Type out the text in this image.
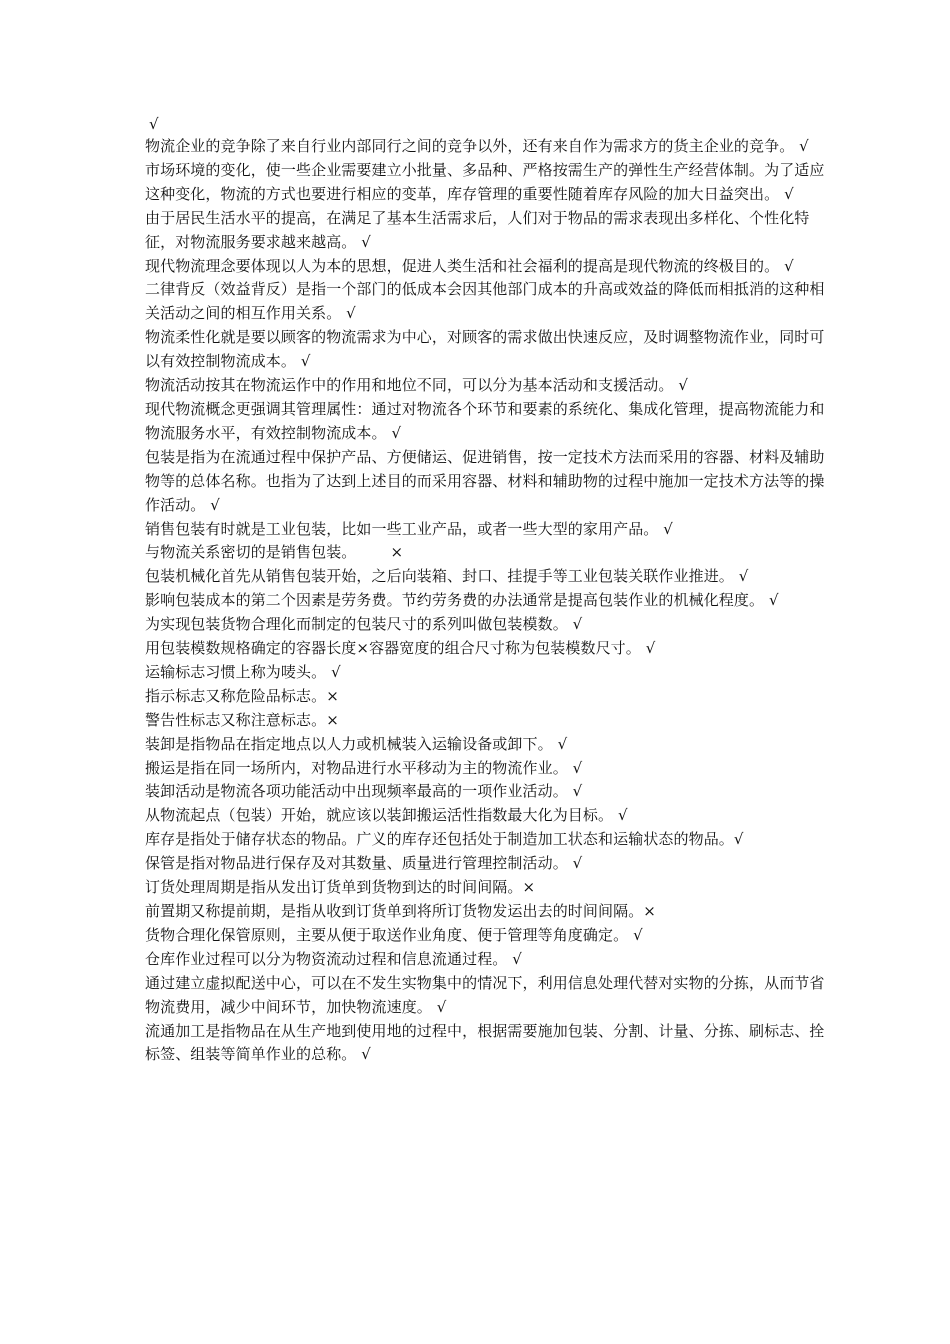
√
物流企业的竞争除了来自行业内部同行之间的竞争以外，还有来自作为需求方的货主企业的竞争。 √
市场环境的变化，使一些企业需要建立小批量、多品种、严格按需生产的弹性生产经营体制。为了适应这种变化，物流的方式也要进行相应的变革，库存管理的重要性随着库存风险的加大日益突出。 √
由于居民生活水平的提高，在满足了基本生活需求后，人们对于物品的需求表现出多样化、个性化特征，对物流服务要求越来越高。 √
现代物流理念要体现以人为本的思想，促进人类生活和社会福利的提高是现代物流的终极目的。 √
二律背反（效益背反）是指一个部门的低成本会因其他部门成本的升高或效益的降低而相抵消的这种相关活动之间的相互作用关系。 √
物流柔性化就是要以顾客的物流需求为中心，对顾客的需求做出快速反应，及时调整物流作业，同时可以有效控制物流成本。 √
物流活动按其在物流运作中的作用和地位不同，可以分为基本活动和支援活动。 √
现代物流概念更强调其管理属性：通过对物流各个环节和要素的系统化、集成化管理，提高物流能力和物流服务水平，有效控制物流成本。 √
包装是指为在流通过程中保护产品、方便储运、促进销售，按一定技术方法而采用的容器、材料及辅助物等的总体名称。也指为了达到上述目的而采用容器、材料和辅助物的过程中施加一定技术方法等的操作活动。 √
销售包装有时就是工业包装，比如一些工业产品，或者一些大型的家用产品。 √
与物流关系密切的是销售包装。       ×
包装机械化首先从销售包装开始，之后向装箱、封口、挂提手等工业包装关联作业推进。 √
影响包装成本的第二个因素是劳务费。节约劳务费的办法通常是提高包装作业的机械化程度。 √
为实现包装货物合理化而制定的包装尺寸的系列叫做包装模数。 √
用包装模数规格确定的容器长度×容器宽度的组合尺寸称为包装模数尺寸。 √
运输标志习惯上称为唛头。 √
指示标志又称危险品标志。×
警告性标志又称注意标志。×
装卸是指物品在指定地点以人力或机械装入运输设备或卸下。 √
搬运是指在同一场所内，对物品进行水平移动为主的物流作业。 √
装卸活动是物流各项功能活动中出现频率最高的一项作业活动。 √
从物流起点（包装）开始，就应该以装卸搬运活性指数最大化为目标。 √
库存是指处于储存状态的物品。广义的库存还包括处于制造加工状态和运输状态的物品。√
保管是指对物品进行保存及对其数量、质量进行管理控制活动。 √
订货处理周期是指从发出订货单到货物到达的时间间隔。×
前置期又称提前期，是指从收到订货单到将所订货物发运出去的时间间隔。×
货物合理化保管原则，主要从便于取送作业角度、便于管理等角度确定。 √
仓库作业过程可以分为物资流动过程和信息流通过程。 √
通过建立虚拟配送中心，可以在不发生实物集中的情况下，利用信息处理代替对实物的分拣，从而节省物流费用，减少中间环节，加快物流速度。 √
流通加工是指物品在从生产地到使用地的过程中，根据需要施加包装、分割、计量、分拣、刷标志、拴标签、组装等简单作业的总称。 √
